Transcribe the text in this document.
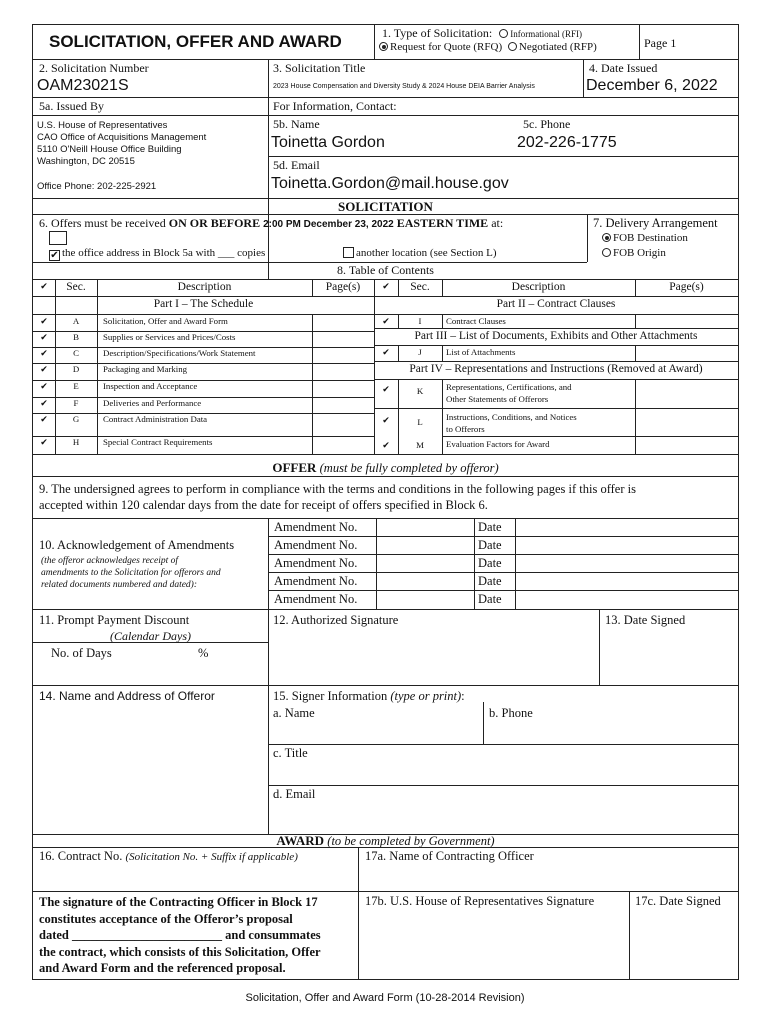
SOLICITATION, OFFER AND AWARD	1. Type of Solicitation: Informational (RFI)
Request for Quote (RFQ) Negotiated (RFP)	Page 1
2. Solicitation Number
OAM23021S
3. Solicitation Title
2023 House Compensation and Diversity Study & 2024 House DEIA Barrier Analysis
4. Date Issued
December 6, 2022
5a. Issued By
U.S. House of Representatives
CAO Office of Acquisitions Management
5110 O'Neill House Office Building
Washington, DC 20515
Office Phone: 202-225-2921
For Information, Contact:
5b. Name
Toinetta Gordon
5c. Phone
202-226-1775
5d. Email
Toinetta.Gordon@mail.house.gov
SOLICITATION
6. Offers must be received ON OR BEFORE 2:00 PM December 23, 2022 EASTERN TIME at:
✔ the office address in Block 5a with ___ copies	another location (see Section L)
7. Delivery Arrangement
FOB Destination
FOB Origin
8. Table of Contents
✔	Sec.	Description	Page(s)	✔	Sec.	Description	Page(s)
Part I – The Schedule	Part II – Contract Clauses
✔	A	Solicitation, Offer and Award Form
✔	B	Supplies or Services and Prices/Costs
✔	C	Description/Specifications/Work Statement
✔	D	Packaging and Marking
✔	E	Inspection and Acceptance
✔	F	Deliveries and Performance
✔	G	Contract Administration Data
✔	H	Special Contract Requirements
✔	I	Contract Clauses
Part III – List of Documents, Exhibits and Other Attachments
✔	J	List of Attachments
Part IV – Representations and Instructions (Removed at Award)
✔	K	Representations, Certifications, and
Other Statements of Offerors
✔	L	Instructions, Conditions, and Notices
to Offerors
✔	M	Evaluation Factors for Award
OFFER (must be fully completed by offeror)
9. The undersigned agrees to perform in compliance with the terms and conditions in the following pages if this offer is
accepted within 120 calendar days from the date for receipt of offers specified in Block 6.
10. Acknowledgement of Amendments
(the offeror acknowledges receipt of
amendments to the Solicitation for offerors and
related documents numbered and dated):
Amendment No.	Date
Amendment No.	Date
Amendment No.	Date
Amendment No.	Date
Amendment No.	Date
11. Prompt Payment Discount
(Calendar Days)
No. of Days	%
12. Authorized Signature	13. Date Signed
14. Name and Address of Offeror	15. Signer Information (type or print):
a. Name	b. Phone
c. Title
d. Email
AWARD (to be completed by Government)
16. Contract No. (Solicitation No. + Suffix if applicable)	17a. Name of Contracting Officer
The signature of the Contracting Officer in Block 17
constitutes acceptance of the Offeror’s proposal
dated ________________________ and consummates
the contract, which consists of this Solicitation, Offer
and Award Form and the referenced proposal.
17b. U.S. House of Representatives Signature	17c. Date Signed
Solicitation, Offer and Award Form (10-28-2014 Revision)
